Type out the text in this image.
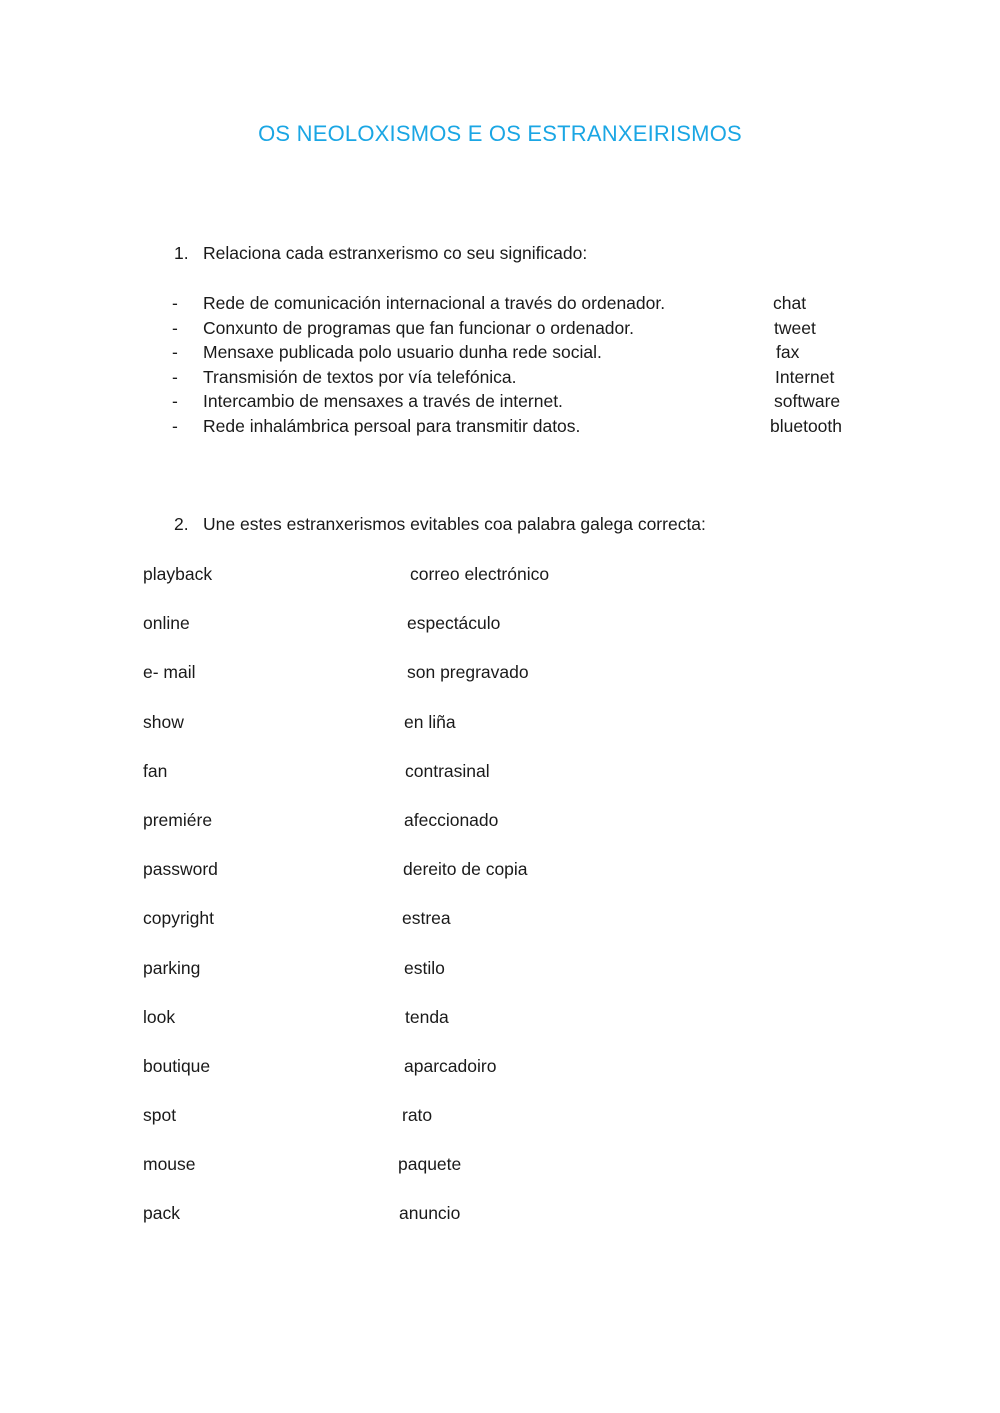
OS NEOLOXISMOS E OS ESTRANXEIRISMOS
1. Relaciona cada estranxerismo co seu significado:
- Rede de comunicación internacional a través do ordenador.	chat
- Conxunto de programas que fan funcionar o ordenador.	tweet
- Mensaxe publicada polo usuario dunha rede social.	fax
- Transmisión de textos por vía telefónica.	Internet
- Intercambio de mensaxes a través de internet.	software
- Rede inhalámbrica persoal para transmitir datos.	bluetooth
2. Une estes estranxerismos evitables coa palabra galega correcta:
playback	correo electrónico
online	espectáculo
e- mail	son pregravado
show	en liña
fan	contrasinal
premiére	afeccionado
password	dereito de copia
copyright	estrea
parking	estilo
look	tenda
boutique	aparcadoiro
spot	rato
mouse	paquete
pack	anuncio
